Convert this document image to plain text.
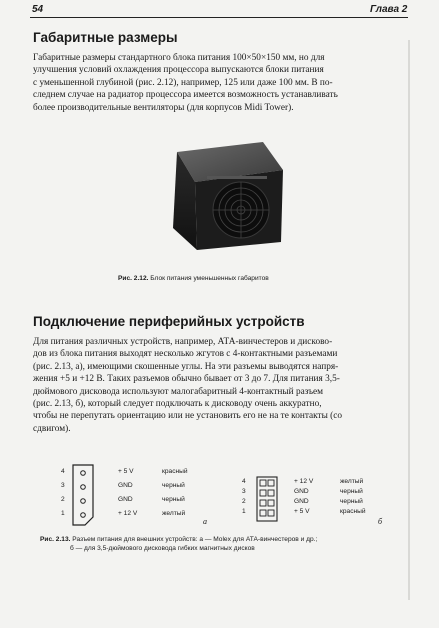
54	Глава 2
Габаритные размеры
Габаритные размеры стандартного блока питания 100×50×150 мм, но для
улучшения условий охлаждения процессора выпускаются блоки питания
с уменьшенной глубиной (рис. 2.12), например, 125 или даже 100 мм. В по-
следнем случае на радиатор процессора имеется возможность устанавливать
более производительные вентиляторы (для корпусов Midi Tower).
Рис. 2.12. Блок питания уменьшенных габаритов
Подключение периферийных устройств
Для питания различных устройств, например, АТА-винчестеров и дисково-
дов из блока питания выходят несколько жгутов с 4-контактными разъемами
(рис. 2.13, а), имеющими скошенные углы. На эти разъемы выводятся напря-
жения +5 и +12 В. Таких разъемов обычно бывает от 3 до 7. Для питания 3,5-
дюймового дисковода используют малогабаритный 4-контактный разъем
(рис. 2.13, б), который следует подключать к дисководу очень аккуратно,
чтобы не перепутать ориентацию или не установить его не на те контакты (со
сдвигом).
4
3
2
1
+ 5 V
GND
GND
+ 12 V
красный
черный
черный
желтый
а
4
3
2
1
+ 12 V
GND
GND
+ 5 V
желтый
черный
черный
красный
б
Рис. 2.13. Разъем питания для внешних устройств: а — Molex для АТА-винчестеров и др.;
б — для 3,5-дюймового дисковода гибких магнитных дисков
